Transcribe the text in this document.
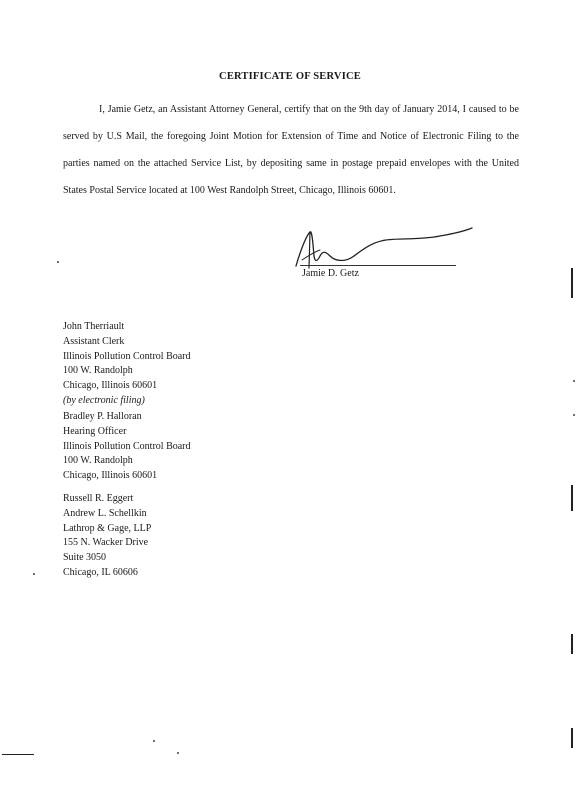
CERTIFICATE OF SERVICE
I, Jamie Getz, an Assistant Attorney General, certify that on the 9th day of January 2014, I caused to be served by U.S Mail, the foregoing Joint Motion for Extension of Time and Notice of Electronic Filing to the parties named on the attached Service List, by depositing same in postage prepaid envelopes with the United States Postal Service located at 100 West Randolph Street, Chicago, Illinois 60601.
Jamie D. Getz
John Therriault
Assistant Clerk
Illinois Pollution Control Board
100 W. Randolph
Chicago, Illinois 60601
(by electronic filing)
Bradley P. Halloran
Hearing Officer
Illinois Pollution Control Board
100 W. Randolph
Chicago, Illinois 60601
Russell R. Eggert
Andrew L. Schellkin
Lathrop & Gage, LLP
155 N. Wacker Drive
Suite 3050
Chicago, IL 60606
